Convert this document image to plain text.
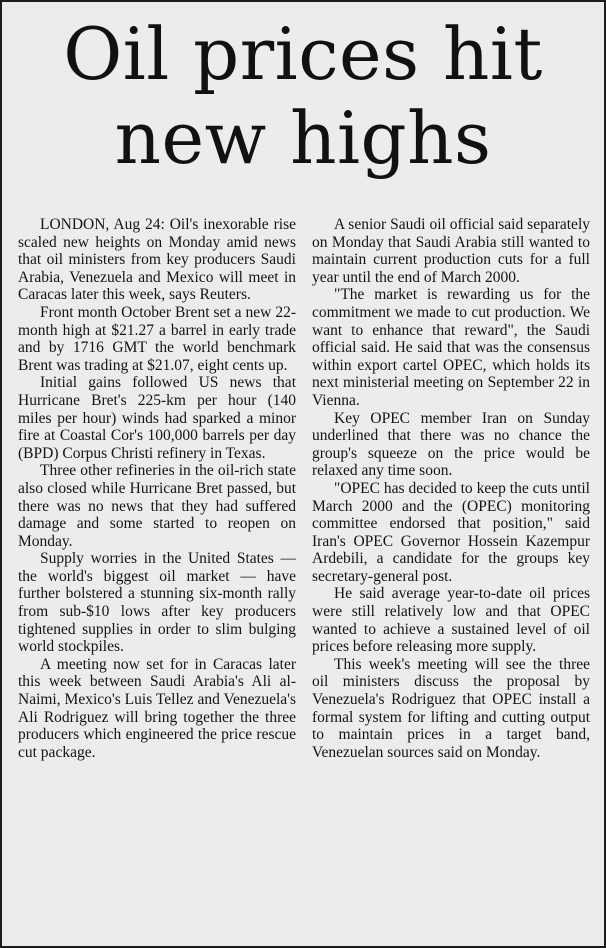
Oil prices hit
new highs

LONDON, Aug 24: Oil's inexorable rise scaled new heights on Monday amid news that oil ministers from key producers Saudi Arabia, Venezuela and Mexico will meet in Caracas later this week, says Reuters.

Front month October Brent set a new 22-month high at $21.27 a barrel in early trade and by 1716 GMT the world benchmark Brent was trading at $21.07, eight cents up.

Initial gains followed US news that Hurricane Bret's 225-km per hour (140 miles per hour) winds had sparked a minor fire at Coastal Cor's 100,000 barrels per day (BPD) Corpus Christi refinery in Texas.

Three other refineries in the oil-rich state also closed while Hurricane Bret passed, but there was no news that they had suffered damage and some started to reopen on Monday.

Supply worries in the United States — the world's biggest oil market — have further bolstered a stunning six-month rally from sub-$10 lows after key producers tightened supplies in order to slim bulging world stockpiles.

A meeting now set for in Caracas later this week between Saudi Arabia's Ali al-Naimi, Mexico's Luis Tellez and Venezuela's Ali Rodriguez will bring together the three producers which engineered the price rescue cut package.

A senior Saudi oil official said separately on Monday that Saudi Arabia still wanted to maintain current production cuts for a full year until the end of March 2000.

"The market is rewarding us for the commitment we made to cut production. We want to enhance that reward", the Saudi official said. He said that was the consensus within export cartel OPEC, which holds its next ministerial meeting on September 22 in Vienna.

Key OPEC member Iran on Sunday underlined that there was no chance the group's squeeze on the price would be relaxed any time soon.

"OPEC has decided to keep the cuts until March 2000 and the (OPEC) monitoring committee endorsed that position," said Iran's OPEC Governor Hossein Kazempur Ardebili, a candidate for the groups key secretary-general post.

He said average year-to-date oil prices were still relatively low and that OPEC wanted to achieve a sustained level of oil prices before releasing more supply.

This week's meeting will see the three oil ministers discuss the proposal by Venezuela's Rodriguez that OPEC install a formal system for lifting and cutting output to maintain prices in a target band, Venezuelan sources said on Monday.
